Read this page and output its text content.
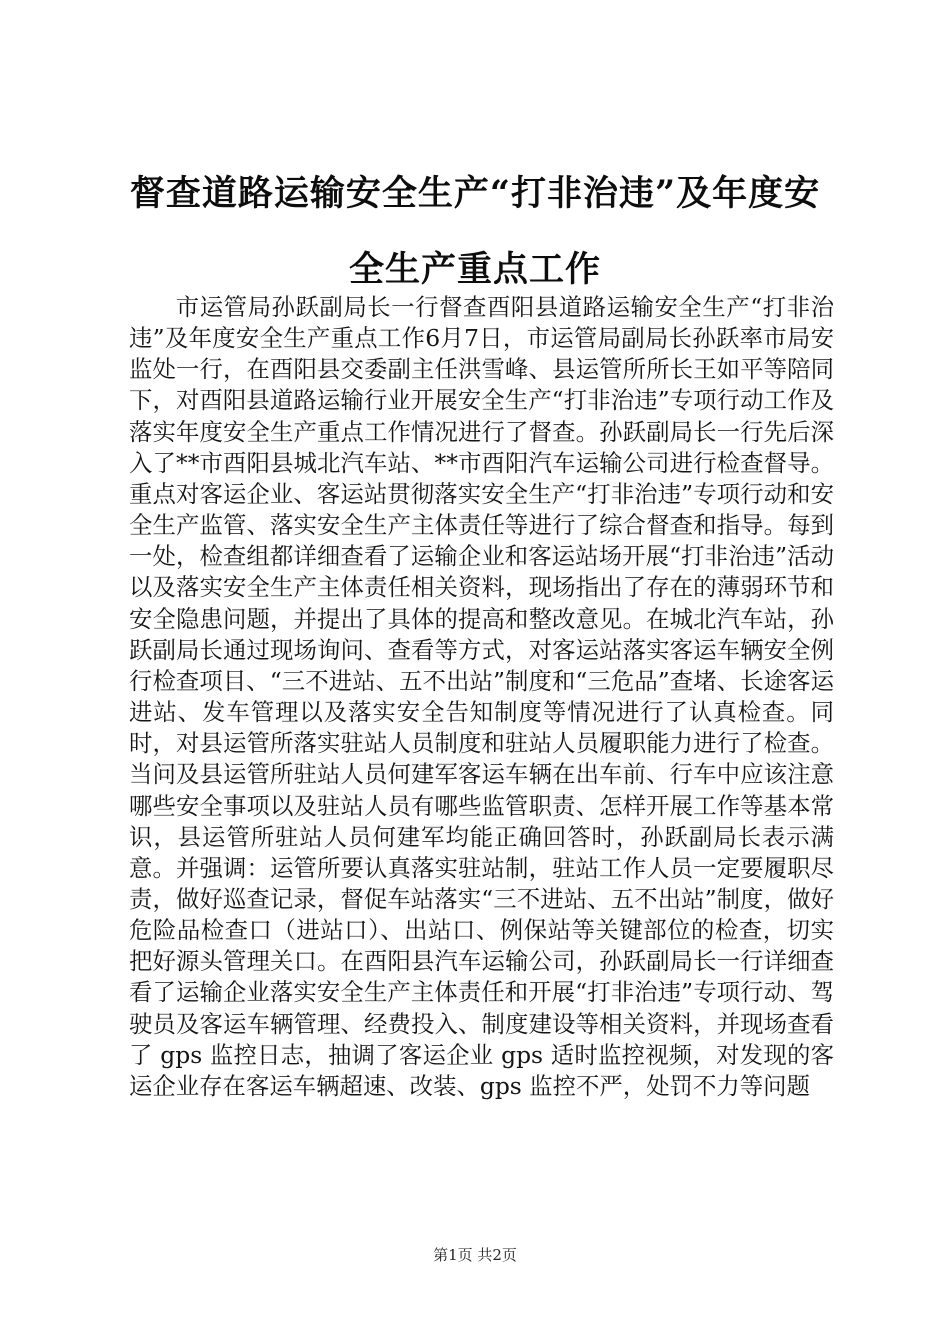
督查道路运输安全生产“打非治违”及年度安
全生产重点工作

市运管局孙跃副局长一行督查酉阳县道路运输安全生产“打非治违”及年度安全生产重点工作6月7日，市运管局副局长孙跃率市局安监处一行，在酉阳县交委副主任洪雪峰、县运管所所长王如平等陪同下，对酉阳县道路运输行业开展安全生产“打非治违”专项行动工作及落实年度安全生产重点工作情况进行了督查。孙跃副局长一行先后深入了**市酉阳县城北汽车站、**市酉阳汽车运输公司进行检查督导。重点对客运企业、客运站贯彻落实安全生产“打非治违”专项行动和安全生产监管、落实安全生产主体责任等进行了综合督查和指导。每到一处，检查组都详细查看了运输企业和客运站场开展“打非治违”活动以及落实安全生产主体责任相关资料，现场指出了存在的薄弱环节和安全隐患问题，并提出了具体的提高和整改意见。在城北汽车站，孙跃副局长通过现场询问、查看等方式，对客运站落实客运车辆安全例行检查项目、“三不进站、五不出站”制度和“三危品”查堵、长途客运进站、发车管理以及落实安全告知制度等情况进行了认真检查。同时，对县运管所落实驻站人员制度和驻站人员履职能力进行了检查。当问及县运管所驻站人员何建军客运车辆在出车前、行车中应该注意哪些安全事项以及驻站人员有哪些监管职责、怎样开展工作等基本常识，县运管所驻站人员何建军均能正确回答时，孙跃副局长表示满意。并强调：运管所要认真落实驻站制，驻站工作人员一定要履职尽责，做好巡查记录，督促车站落实“三不进站、五不出站”制度，做好危险品检查口（进站口）、出站口、例保站等关键部位的检查，切实把好源头管理关口。在酉阳县汽车运输公司，孙跃副局长一行详细查看了运输企业落实安全生产主体责任和开展“打非治违”专项行动、驾驶员及客运车辆管理、经费投入、制度建设等相关资料，并现场查看了 gps 监控日志，抽调了客运企业 gps 适时监控视频，对发现的客运企业存在客运车辆超速、改装、gps 监控不严，处罚不力等问题

第1页 共2页
